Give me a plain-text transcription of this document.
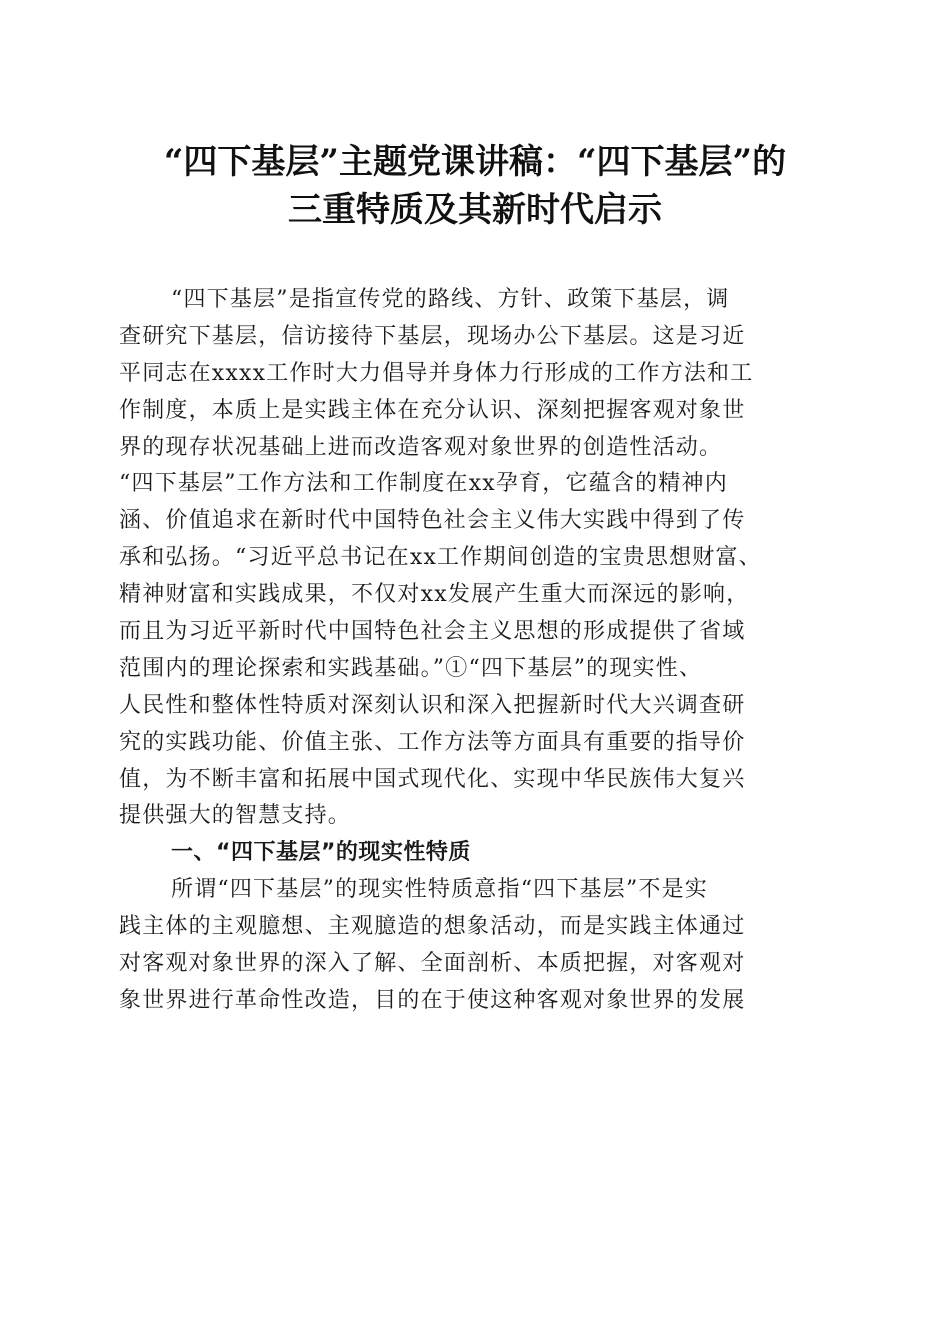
“四下基层”主题党课讲稿：“四下基层”的
三重特质及其新时代启示
“四下基层”是指宣传党的路线、方针、政策下基层，调
查研究下基层，信访接待下基层，现场办公下基层。这是习近
平同志在xxxx工作时大力倡导并身体力行形成的工作方法和工
作制度，本质上是实践主体在充分认识、深刻把握客观对象世
界的现存状况基础上进而改造客观对象世界的创造性活动。
“四下基层”工作方法和工作制度在xx孕育，它蕴含的精神内
涵、价值追求在新时代中国特色社会主义伟大实践中得到了传
承和弘扬。“习近平总书记在xx工作期间创造的宝贵思想财富、
精神财富和实践成果，不仅对xx发展产生重大而深远的影响，
而且为习近平新时代中国特色社会主义思想的形成提供了省域
范围内的理论探索和实践基础。”①“四下基层”的现实性、
人民性和整体性特质对深刻认识和深入把握新时代大兴调查研
究的实践功能、价值主张、工作方法等方面具有重要的指导价
值，为不断丰富和拓展中国式现代化、实现中华民族伟大复兴
提供强大的智慧支持。
一、“四下基层”的现实性特质
所谓“四下基层”的现实性特质意指“四下基层”不是实
践主体的主观臆想、主观臆造的想象活动，而是实践主体通过
对客观对象世界的深入了解、全面剖析、本质把握，对客观对
象世界进行革命性改造，目的在于使这种客观对象世界的发展
